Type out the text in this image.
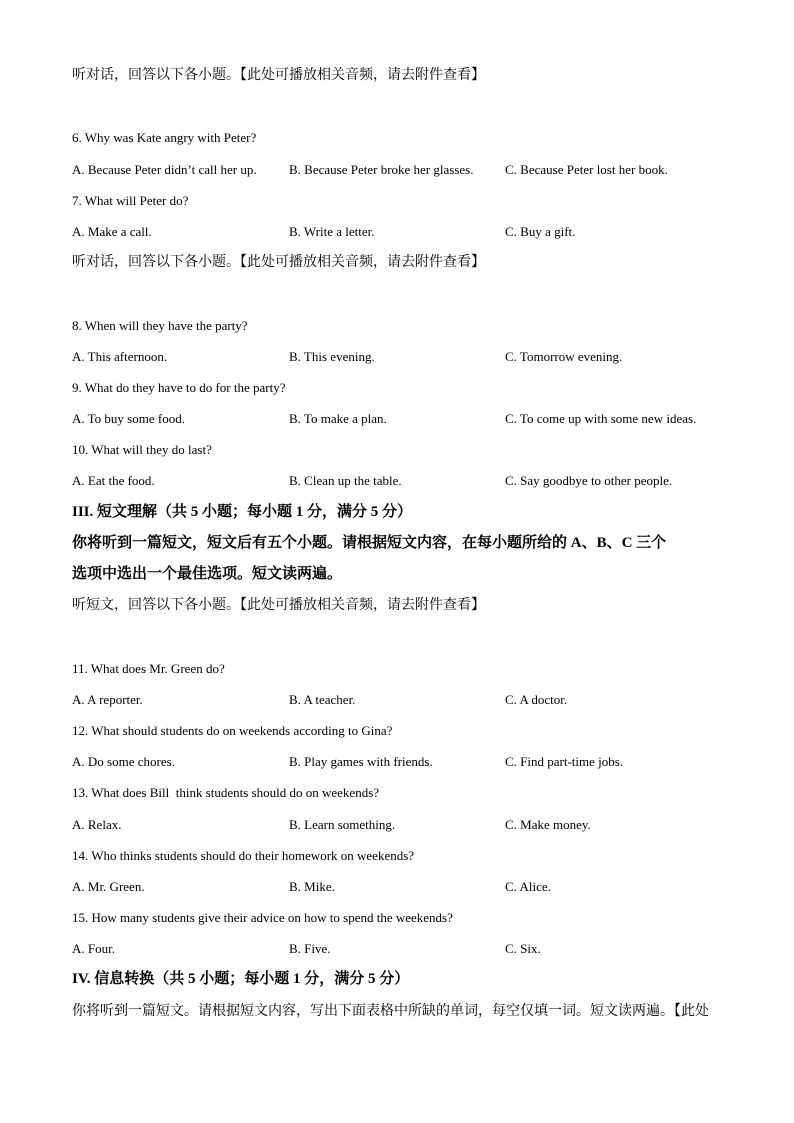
听对话，回答以下各小题。【此处可播放相关音频，请去附件查看】
6. Why was Kate angry with Peter?
A. Because Peter didn’t call her up.	B. Because Peter broke her glasses.	C. Because Peter lost her book.
7. What will Peter do?
A. Make a call.	B. Write a letter.	C. Buy a gift.
听对话，回答以下各小题。【此处可播放相关音频，请去附件查看】
8. When will they have the party?
A. This afternoon.	B. This evening.	C. Tomorrow evening.
9. What do they have to do for the party?
A. To buy some food.	B. To make a plan.	C. To come up with some new ideas.
10. What will they do last?
A. Eat the food.	B. Clean up the table.	C. Say goodbye to other people.
III. 短文理解（共 5 小题；每小题 1 分，满分 5 分）
你将听到一篇短文，短文后有五个小题。请根据短文内容，在每小题所给的 A、B、C 三个
选项中选出一个最佳选项。短文读两遍。
听短文，回答以下各小题。【此处可播放相关音频，请去附件查看】
11. What does Mr. Green do?
A. A reporter.	B. A teacher.	C. A doctor.
12. What should students do on weekends according to Gina?
A. Do some chores.	B. Play games with friends.	C. Find part-time jobs.
13. What does Bill  think students should do on weekends?
A. Relax.	B. Learn something.	C. Make money.
14. Who thinks students should do their homework on weekends?
A. Mr. Green.	B. Mike.	C. Alice.
15. How many students give their advice on how to spend the weekends?
A. Four.	B. Five.	C. Six.
IV. 信息转换（共 5 小题；每小题 1 分，满分 5 分）
你将听到一篇短文。请根据短文内容，写出下面表格中所缺的单词，每空仅填一词。短文读两遍。【此处
